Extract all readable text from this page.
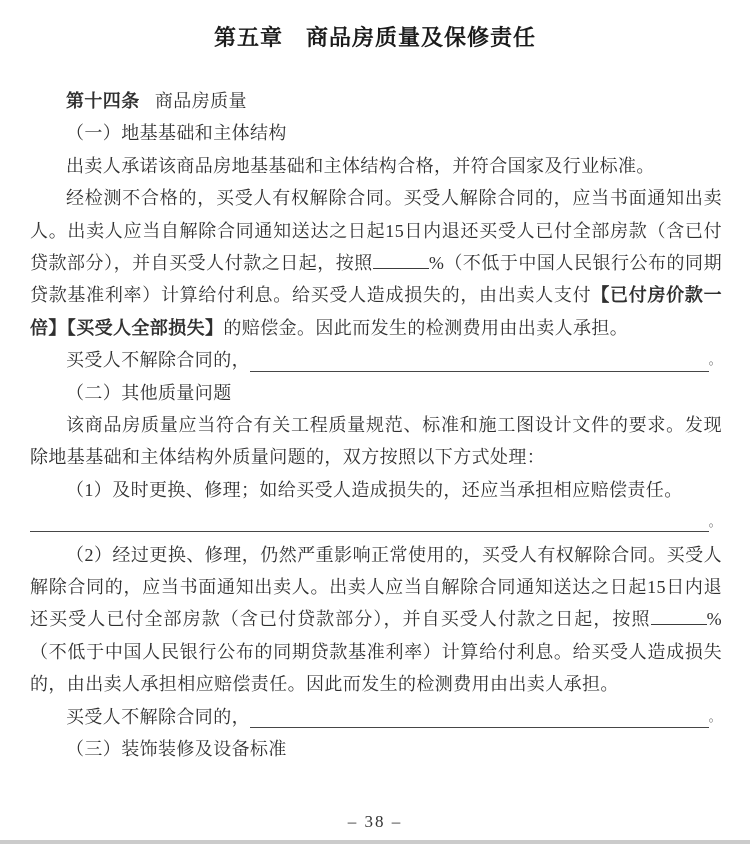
第五章　商品房质量及保修责任

第十四条 商品房质量

（一）地基基础和主体结构

出卖人承诺该商品房地基基础和主体结构合格，并符合国家及行业标准。

经检测不合格的，买受人有权解除合同。买受人解除合同的，应当书面通知出卖人。出卖人应当自解除合同通知送达之日起15日内退还买受人已付全部房款（含已付贷款部分），并自买受人付款之日起，按照	%（不低于中国人民银行公布的同期贷款基准利率）计算给付利息。给买受人造成损失的，由出卖人支付【已付房价款一倍】【买受人全部损失】的赔偿金。因此而发生的检测费用由出卖人承担。

买受人不解除合同的，	。

（二）其他质量问题

该商品房质量应当符合有关工程质量规范、标准和施工图设计文件的要求。发现除地基基础和主体结构外质量问题的，双方按照以下方式处理：

（1）及时更换、修理；如给买受人造成损失的，还应当承担相应赔偿责任。

。

（2）经过更换、修理，仍然严重影响正常使用的，买受人有权解除合同。买受人解除合同的，应当书面通知出卖人。出卖人应当自解除合同通知送达之日起15日内退还买受人已付全部房款（含已付贷款部分），并自买受人付款之日起，按照	%（不低于中国人民银行公布的同期贷款基准利率）计算给付利息。给买受人造成损失的，由出卖人承担相应赔偿责任。因此而发生的检测费用由出卖人承担。

买受人不解除合同的，	。

（三）装饰装修及设备标准

– 38 –
